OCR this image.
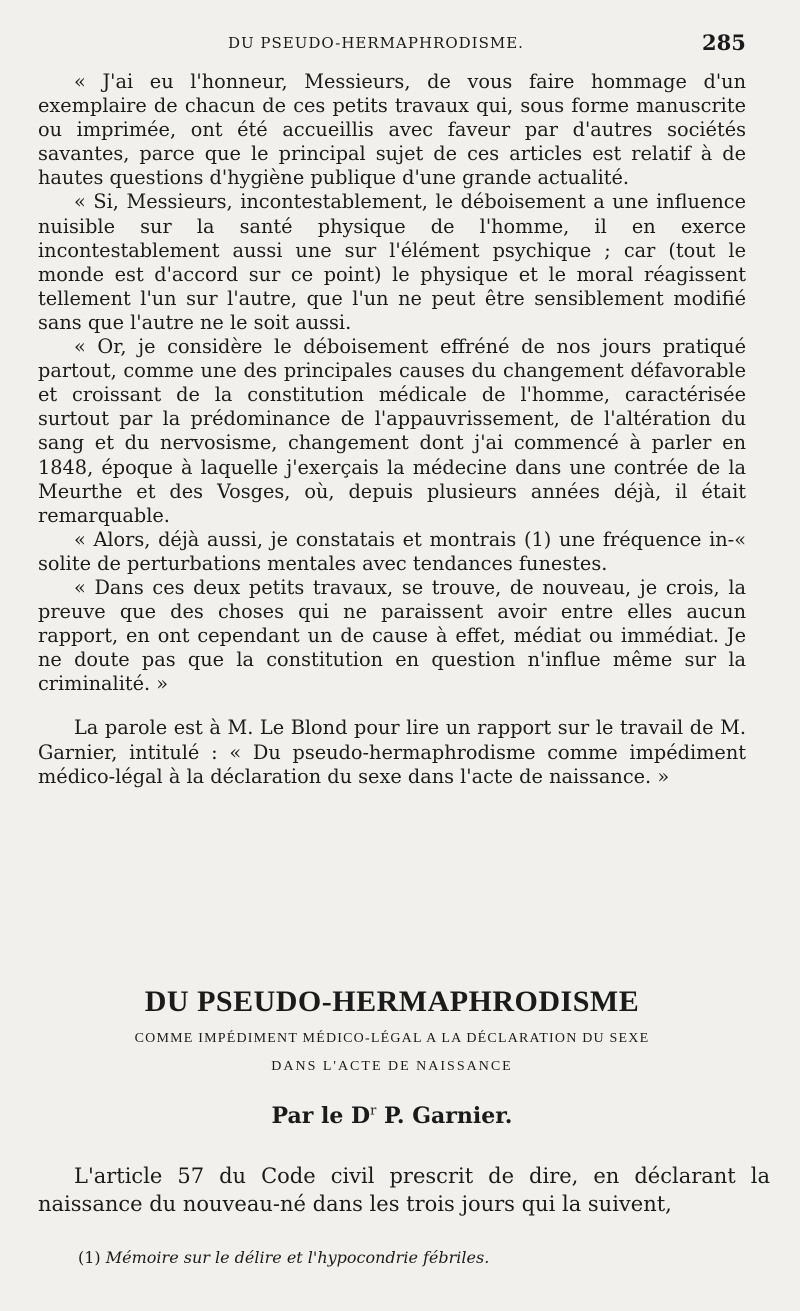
DU PSEUDO-HERMAPHRODISME.	285

« J'ai eu l'honneur, Messieurs, de vous faire hommage d'un exemplaire de chacun de ces petits travaux qui, sous forme manuscrite ou imprimée, ont été accueillis avec faveur par d'autres sociétés savantes, parce que le principal sujet de ces articles est relatif à de hautes questions d'hygiène publique d'une grande actualité.

« Si, Messieurs, incontestablement, le déboisement a une influence nuisible sur la santé physique de l'homme, il en exerce incontestablement aussi une sur l'élément psychique ; car (tout le monde est d'accord sur ce point) le physique et le moral réagissent tellement l'un sur l'autre, que l'un ne peut être sensiblement modifié sans que l'autre ne le soit aussi.

« Or, je considère le déboisement effréné de nos jours pratiqué partout, comme une des principales causes du changement défavorable et croissant de la constitution médicale de l'homme, caractérisée surtout par la prédominance de l'appauvrissement, de l'altération du sang et du nervosisme, changement dont j'ai commencé à parler en 1848, époque à laquelle j'exerçais la médecine dans une contrée de la Meurthe et des Vosges, où, depuis plusieurs années déjà, il était remarquable.

« Alors, déjà aussi, je constatais et montrais (1) une fréquence in-« solite de perturbations mentales avec tendances funestes.

« Dans ces deux petits travaux, se trouve, de nouveau, je crois, la preuve que des choses qui ne paraissent avoir entre elles aucun rapport, en ont cependant un de cause à effet, médiat ou immédiat. Je ne doute pas que la constitution en question n'influe même sur la criminalité. »

La parole est à M. Le Blond pour lire un rapport sur le travail de M. Garnier, intitulé : « Du pseudo-hermaphrodisme comme impédiment médico-légal à la déclaration du sexe dans l'acte de naissance. »

DU PSEUDO-HERMAPHRODISME
COMME IMPÉDIMENT MÉDICO-LÉGAL A LA DÉCLARATION DU SEXE
DANS L'ACTE DE NAISSANCE
Par le $D^r$ P. Garnier.

L'article 57 du Code civil prescrit de dire, en déclarant la naissance du nouveau-né dans les trois jours qui la suivent,

(1) Mémoire sur le délire et l'hypocondrie fébriles.
